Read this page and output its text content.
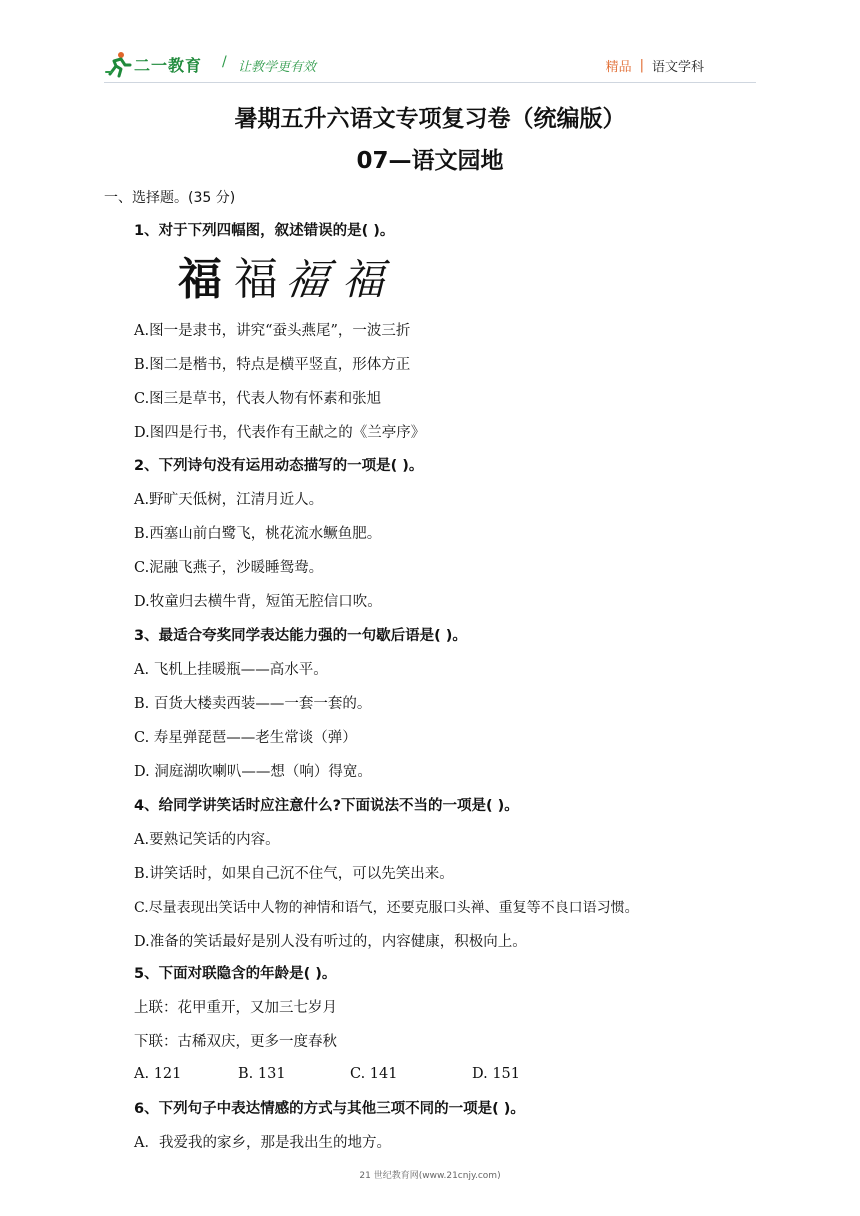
二一教育 / 让教学更有效	精品 | 语文学科
暑期五升六语文专项复习卷（统编版）
07—语文园地
一、选择题。(35 分)
1、对于下列四幅图，叙述错误的是( )。
福 福 福 福
A.图一是隶书，讲究“蚕头燕尾”，一波三折
B.图二是楷书，特点是横平竖直，形体方正
C.图三是草书，代表人物有怀素和张旭
D.图四是行书，代表作有王献之的《兰亭序》
2、下列诗句没有运用动态描写的一项是( )。
A.野旷天低树，江清月近人。
B.西塞山前白鹭飞，桃花流水鳜鱼肥。
C.泥融飞燕子，沙暖睡鸳鸯。
D.牧童归去横牛背，短笛无腔信口吹。
3、最适合夸奖同学表达能力强的一句歇后语是( )。
A. 飞机上挂暖瓶——高水平。
B. 百货大楼卖西装——一套一套的。
C. 寿星弹琵琶——老生常谈（弹）
D. 洞庭湖吹喇叭——想（响）得宽。
4、给同学讲笑话时应注意什么?下面说法不当的一项是( )。
A.要熟记笑话的内容。
B.讲笑话时，如果自己沉不住气，可以先笑出来。
C.尽量表现出笑话中人物的神情和语气，还要克服口头禅、重复等不良口语习惯。
D.准备的笑话最好是别人没有听过的，内容健康，积极向上。
5、下面对联隐含的年龄是( )。
上联：花甲重开，又加三七岁月
下联：古稀双庆，更多一度春秋
A. 121	B. 131	C. 141	D. 151
6、下列句子中表达情感的方式与其他三项不同的一项是( )。
A．我爱我的家乡，那是我出生的地方。
21 世纪教育网(www.21cnjy.com)
